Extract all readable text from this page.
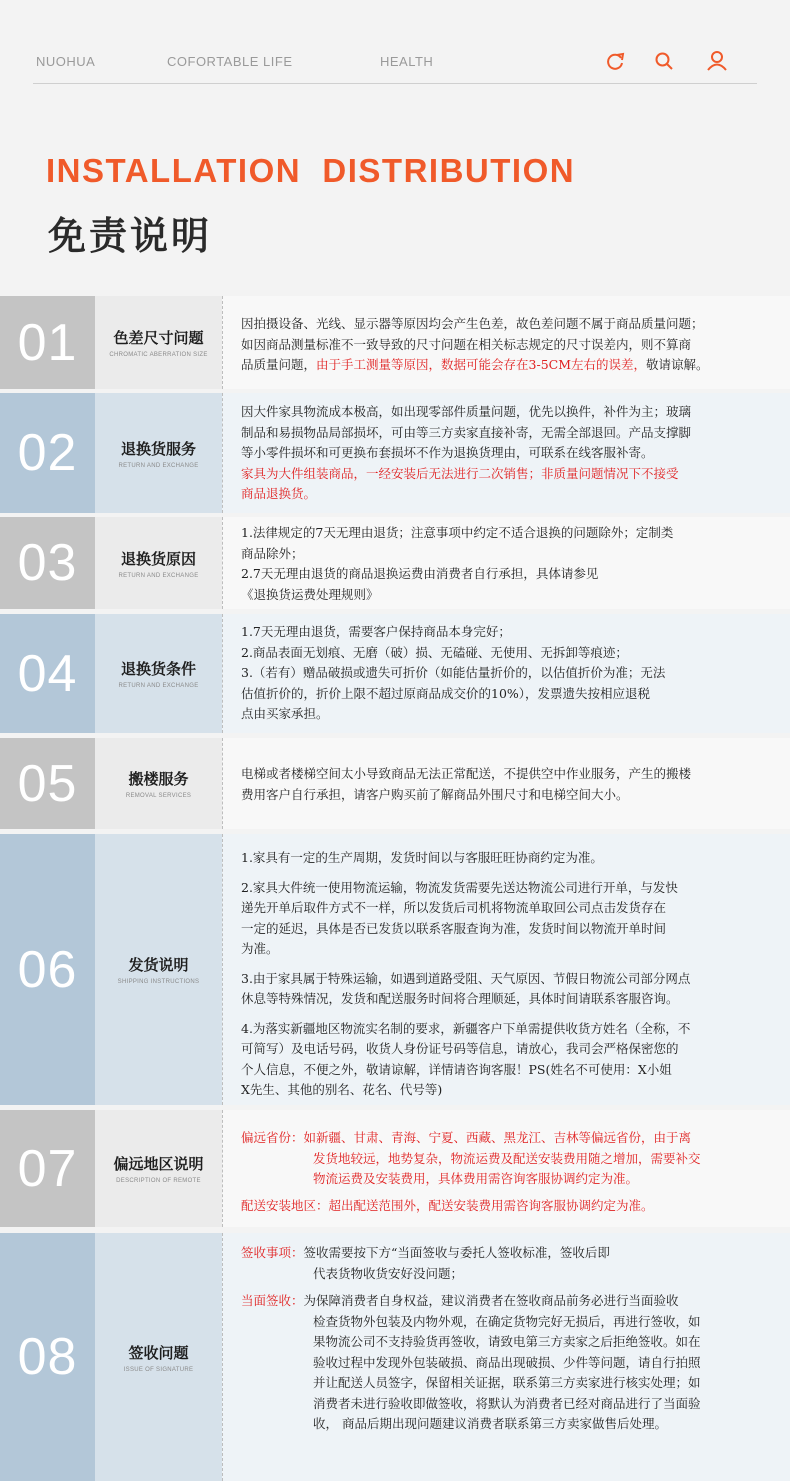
NUOHUA	COFORTABLE LIFE	HEALTH
INSTALLATION  DISTRIBUTION
免责说明
01	色差尺寸问题
CHROMATIC ABERRATION SIZE
因拍摄设备、光线、显示器等原因均会产生色差，故色差问题不属于商品质量问题；
如因商品测量标准不一致导致的尺寸问题在相关标志规定的尺寸误差内，则不算商
品质量问题，由于手工测量等原因，数据可能会存在3-5CM左右的误差，敬请谅解。
02	退换货服务
RETURN AND EXCHANGE
因大件家具物流成本极高，如出现零部件质量问题，优先以换件，补件为主；玻璃
制品和易损物品局部损坏，可由等三方卖家直接补寄，无需全部退回。产品支撑脚
等小零件损坏和可更换布套损坏不作为退换货理由，可联系在线客服补寄。
家具为大件组装商品，一经安装后无法进行二次销售；非质量问题情况下不接受
商品退换货。
03	退换货原因
RETURN AND EXCHANGE
1.法律规定的7天无理由退货；注意事项中约定不适合退换的问题除外；定制类
商品除外；
2.7天无理由退货的商品退换运费由消费者自行承担，具体请参见
《退换货运费处理规则》
04	退换货条件
RETURN AND EXCHANGE
1.7天无理由退货，需要客户保持商品本身完好；
2.商品表面无划痕、无磨（破）损、无磕碰、无使用、无拆卸等痕迹；
3.（若有）赠品破损或遗失可折价（如能估量折价的，以估值折价为准；无法
估值折价的，折价上限不超过原商品成交价的10%），发票遗失按相应退税
点由买家承担。
05	搬楼服务
REMOVAL SERVICES
电梯或者楼梯空间太小导致商品无法正常配送，不提供空中作业服务，产生的搬楼
费用客户自行承担，请客户购买前了解商品外围尺寸和电梯空间大小。
06	发货说明
SHIPPING INSTRUCTIONS
1.家具有一定的生产周期，发货时间以与客服旺旺协商约定为准。
2.家具大件统一使用物流运输，物流发货需要先送达物流公司进行开单，与发快
递先开单后取件方式不一样，所以发货后司机将物流单取回公司点击发货存在
一定的延迟，具体是否已发货以联系客服查询为准，发货时间以物流开单时间
为准。
3.由于家具属于特殊运输，如遇到道路受阻、天气原因、节假日物流公司部分网点
休息等特殊情况，发货和配送服务时间将合理顺延，具体时间请联系客服咨询。
4.为落实新疆地区物流实名制的要求，新疆客户下单需提供收货方姓名（全称，不
可简写）及电话号码，收货人身份证号码等信息，请放心，我司会严格保密您的
个人信息，不便之外，敬请谅解，详情请咨询客服！PS(姓名不可使用：X小姐
X先生、其他的别名、花名、代号等)
07	偏远地区说明
DESCRIPTION OF REMOTE
偏远省份：如新疆、甘肃、青海、宁夏、西藏、黑龙江、吉林等偏远省份，由于离
发货地较远，地势复杂，物流运费及配送安装费用随之增加，需要补交
物流运费及安装费用，具体费用需咨询客服协调约定为准。
配送安装地区：超出配送范围外，配送安装费用需咨询客服协调约定为准。
08	签收问题
ISSUE OF SIGNATURE
签收事项：签收需要按下方“当面签收与委托人签收标准，签收后即
代表货物收货安好没问题；
当面签收：为保障消费者自身权益，建议消费者在签收商品前务必进行当面验收
检查货物外包装及内物外观，在确定货物完好无损后，再进行签收，如
果物流公司不支持验货再签收，请致电第三方卖家之后拒绝签收。如在
验收过程中发现外包装破损、商品出现破损、少件等问题，请自行拍照
并让配送人员签字，保留相关证据，联系第三方卖家进行核实处理；如
消费者未进行验收即做签收，将默认为消费者已经对商品进行了当面验
收， 商品后期出现问题建议消费者联系第三方卖家做售后处理。
